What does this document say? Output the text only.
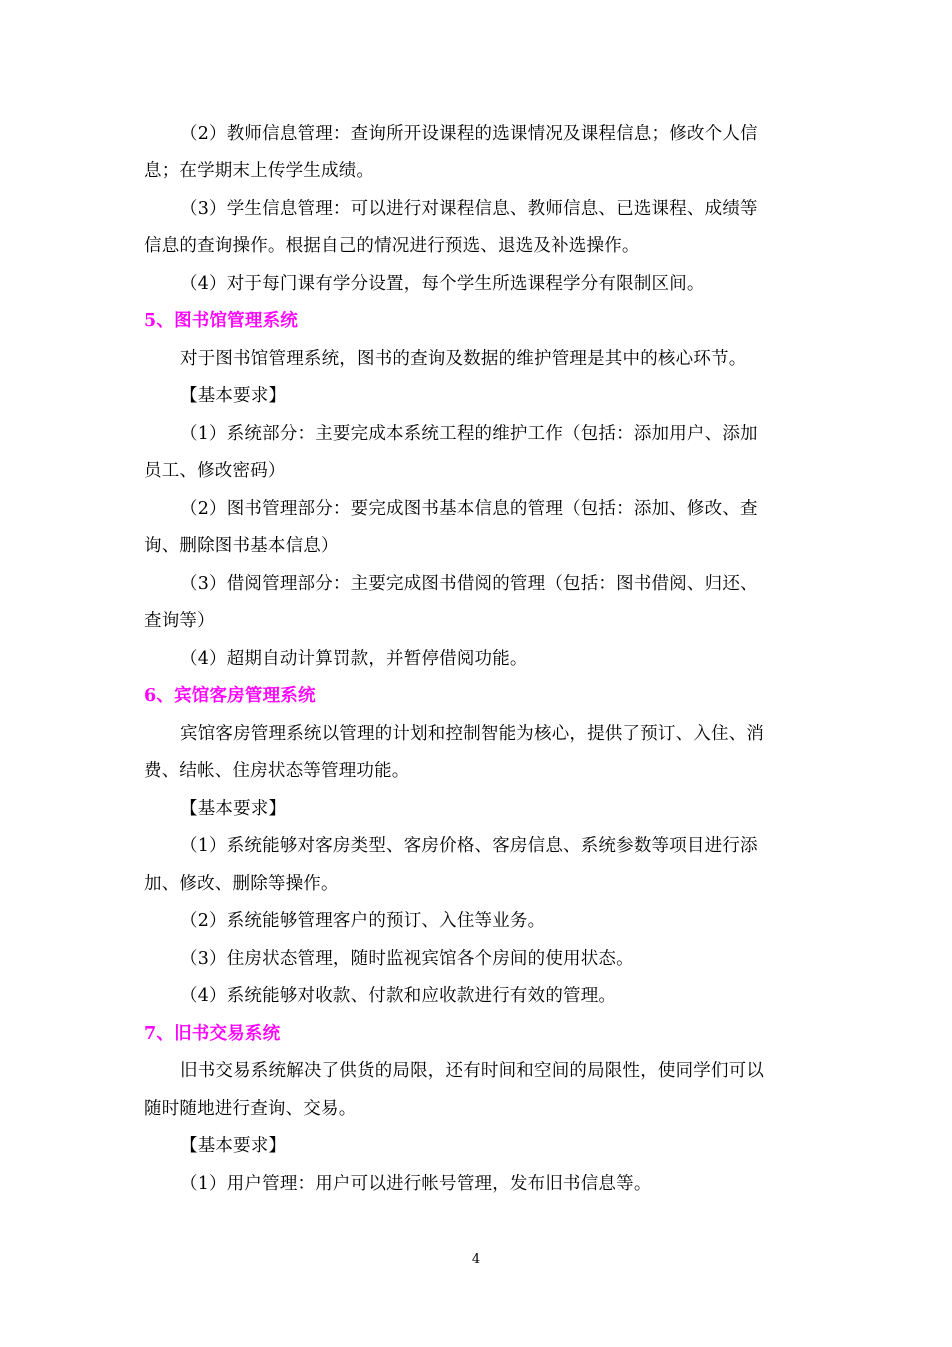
（2）教师信息管理：查询所开设课程的选课情况及课程信息；修改个人信
息；在学期末上传学生成绩。
（3）学生信息管理：可以进行对课程信息、教师信息、已选课程、成绩等
信息的查询操作。根据自己的情况进行预选、退选及补选操作。
（4）对于每门课有学分设置，每个学生所选课程学分有限制区间。
5、图书馆管理系统
对于图书馆管理系统，图书的查询及数据的维护管理是其中的核心环节。
【基本要求】
（1）系统部分：主要完成本系统工程的维护工作（包括：添加用户、添加
员工、修改密码）
（2）图书管理部分：要完成图书基本信息的管理（包括：添加、修改、查
询、删除图书基本信息）
（3）借阅管理部分：主要完成图书借阅的管理（包括：图书借阅、归还、
查询等）
（4）超期自动计算罚款，并暂停借阅功能。
6、宾馆客房管理系统
宾馆客房管理系统以管理的计划和控制智能为核心，提供了预订、入住、消
费、结帐、住房状态等管理功能。
【基本要求】
（1）系统能够对客房类型、客房价格、客房信息、系统参数等项目进行添
加、修改、删除等操作。
（2）系统能够管理客户的预订、入住等业务。
（3）住房状态管理，随时监视宾馆各个房间的使用状态。
（4）系统能够对收款、付款和应收款进行有效的管理。
7、旧书交易系统
旧书交易系统解决了供货的局限，还有时间和空间的局限性，使同学们可以
随时随地进行查询、交易。
【基本要求】
（1）用户管理：用户可以进行帐号管理，发布旧书信息等。
4
